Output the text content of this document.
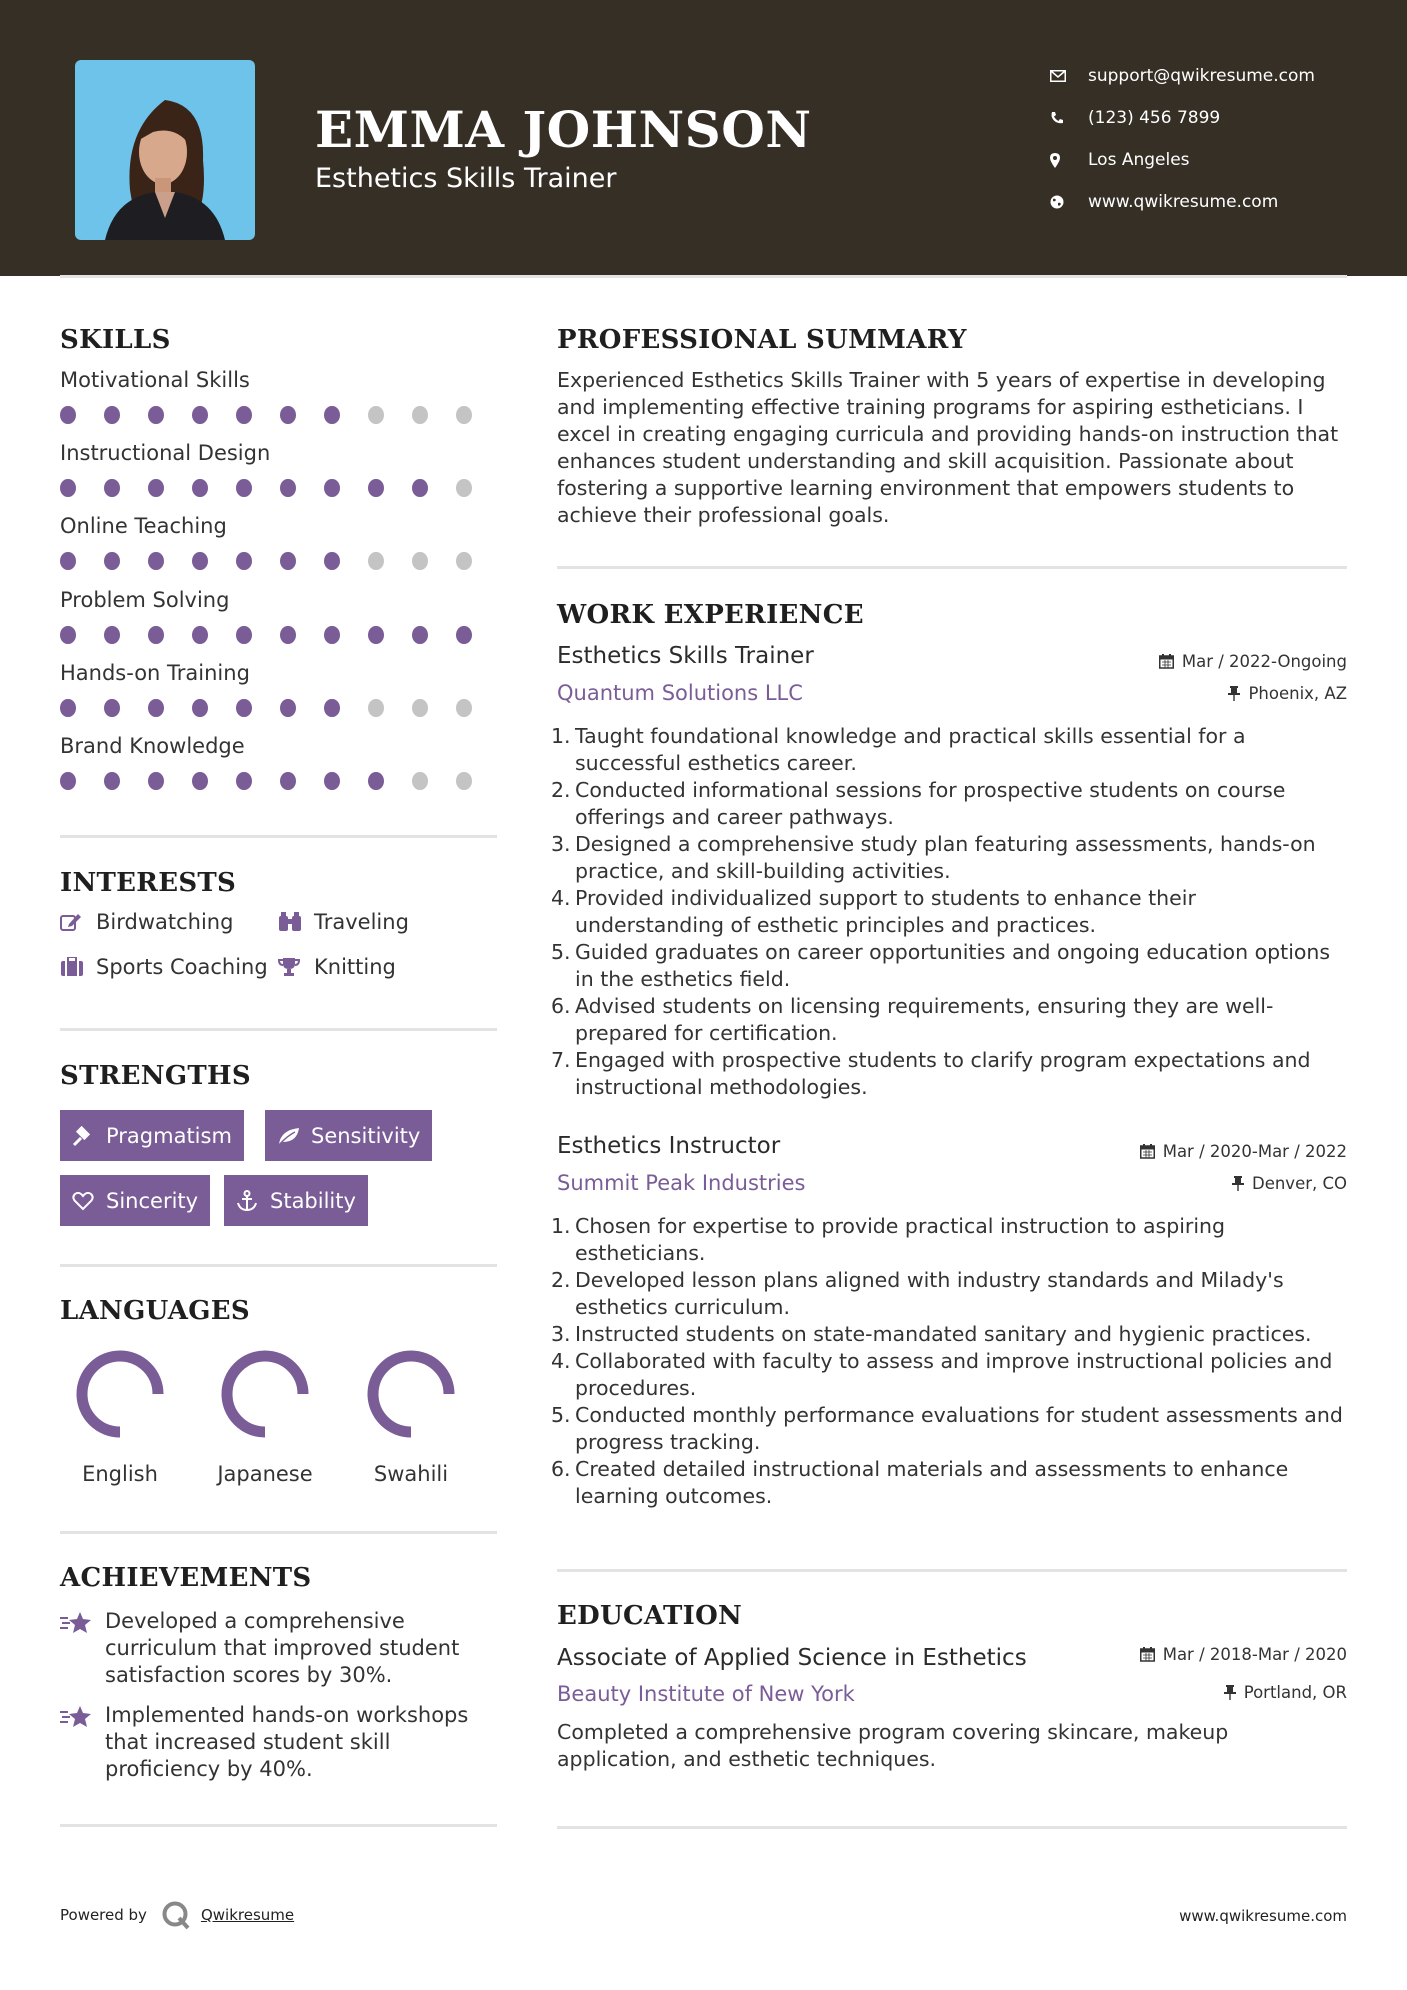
EMMA JOHNSON
Esthetics Skills Trainer
support@qwikresume.com
(123) 456 7899
Los Angeles
www.qwikresume.com
SKILLS
Motivational Skills
Instructional Design
Online Teaching
Problem Solving
Hands-on Training
Brand Knowledge
INTERESTS
Birdwatching	Traveling
Sports Coaching Knitting
STRENGTHS
Pragmatism	Sensitivity
Sincerity	Stability
LANGUAGES
English	Japanese	Swahili
ACHIEVEMENTS
Developed a comprehensive curriculum that improved student satisfaction scores by 30%.
Implemented hands-on workshops that increased student skill proficiency by 40%.
PROFESSIONAL SUMMARY
Experienced Esthetics Skills Trainer with 5 years of expertise in developing and implementing effective training programs for aspiring estheticians. I excel in creating engaging curricula and providing hands-on instruction that enhances student understanding and skill acquisition. Passionate about fostering a supportive learning environment that empowers students to achieve their professional goals.
WORK EXPERIENCE
Esthetics Skills Trainer	Mar / 2022-Ongoing
Quantum Solutions LLC	Phoenix, AZ
1. Taught foundational knowledge and practical skills essential for a successful esthetics career.
2. Conducted informational sessions for prospective students on course offerings and career pathways.
3. Designed a comprehensive study plan featuring assessments, hands-on practice, and skill-building activities.
4. Provided individualized support to students to enhance their understanding of esthetic principles and practices.
5. Guided graduates on career opportunities and ongoing education options in the esthetics field.
6. Advised students on licensing requirements, ensuring they are well-prepared for certification.
7. Engaged with prospective students to clarify program expectations and instructional methodologies.
Esthetics Instructor	Mar / 2020-Mar / 2022
Summit Peak Industries	Denver, CO
1. Chosen for expertise to provide practical instruction to aspiring estheticians.
2. Developed lesson plans aligned with industry standards and Milady's esthetics curriculum.
3. Instructed students on state-mandated sanitary and hygienic practices.
4. Collaborated with faculty to assess and improve instructional policies and procedures.
5. Conducted monthly performance evaluations for student assessments and progress tracking.
6. Created detailed instructional materials and assessments to enhance learning outcomes.
EDUCATION
Associate of Applied Science in Esthetics	Mar / 2018-Mar / 2020
Beauty Institute of New York	Portland, OR
Completed a comprehensive program covering skincare, makeup application, and esthetic techniques.
Powered by	Qwikresume	www.qwikresume.com
